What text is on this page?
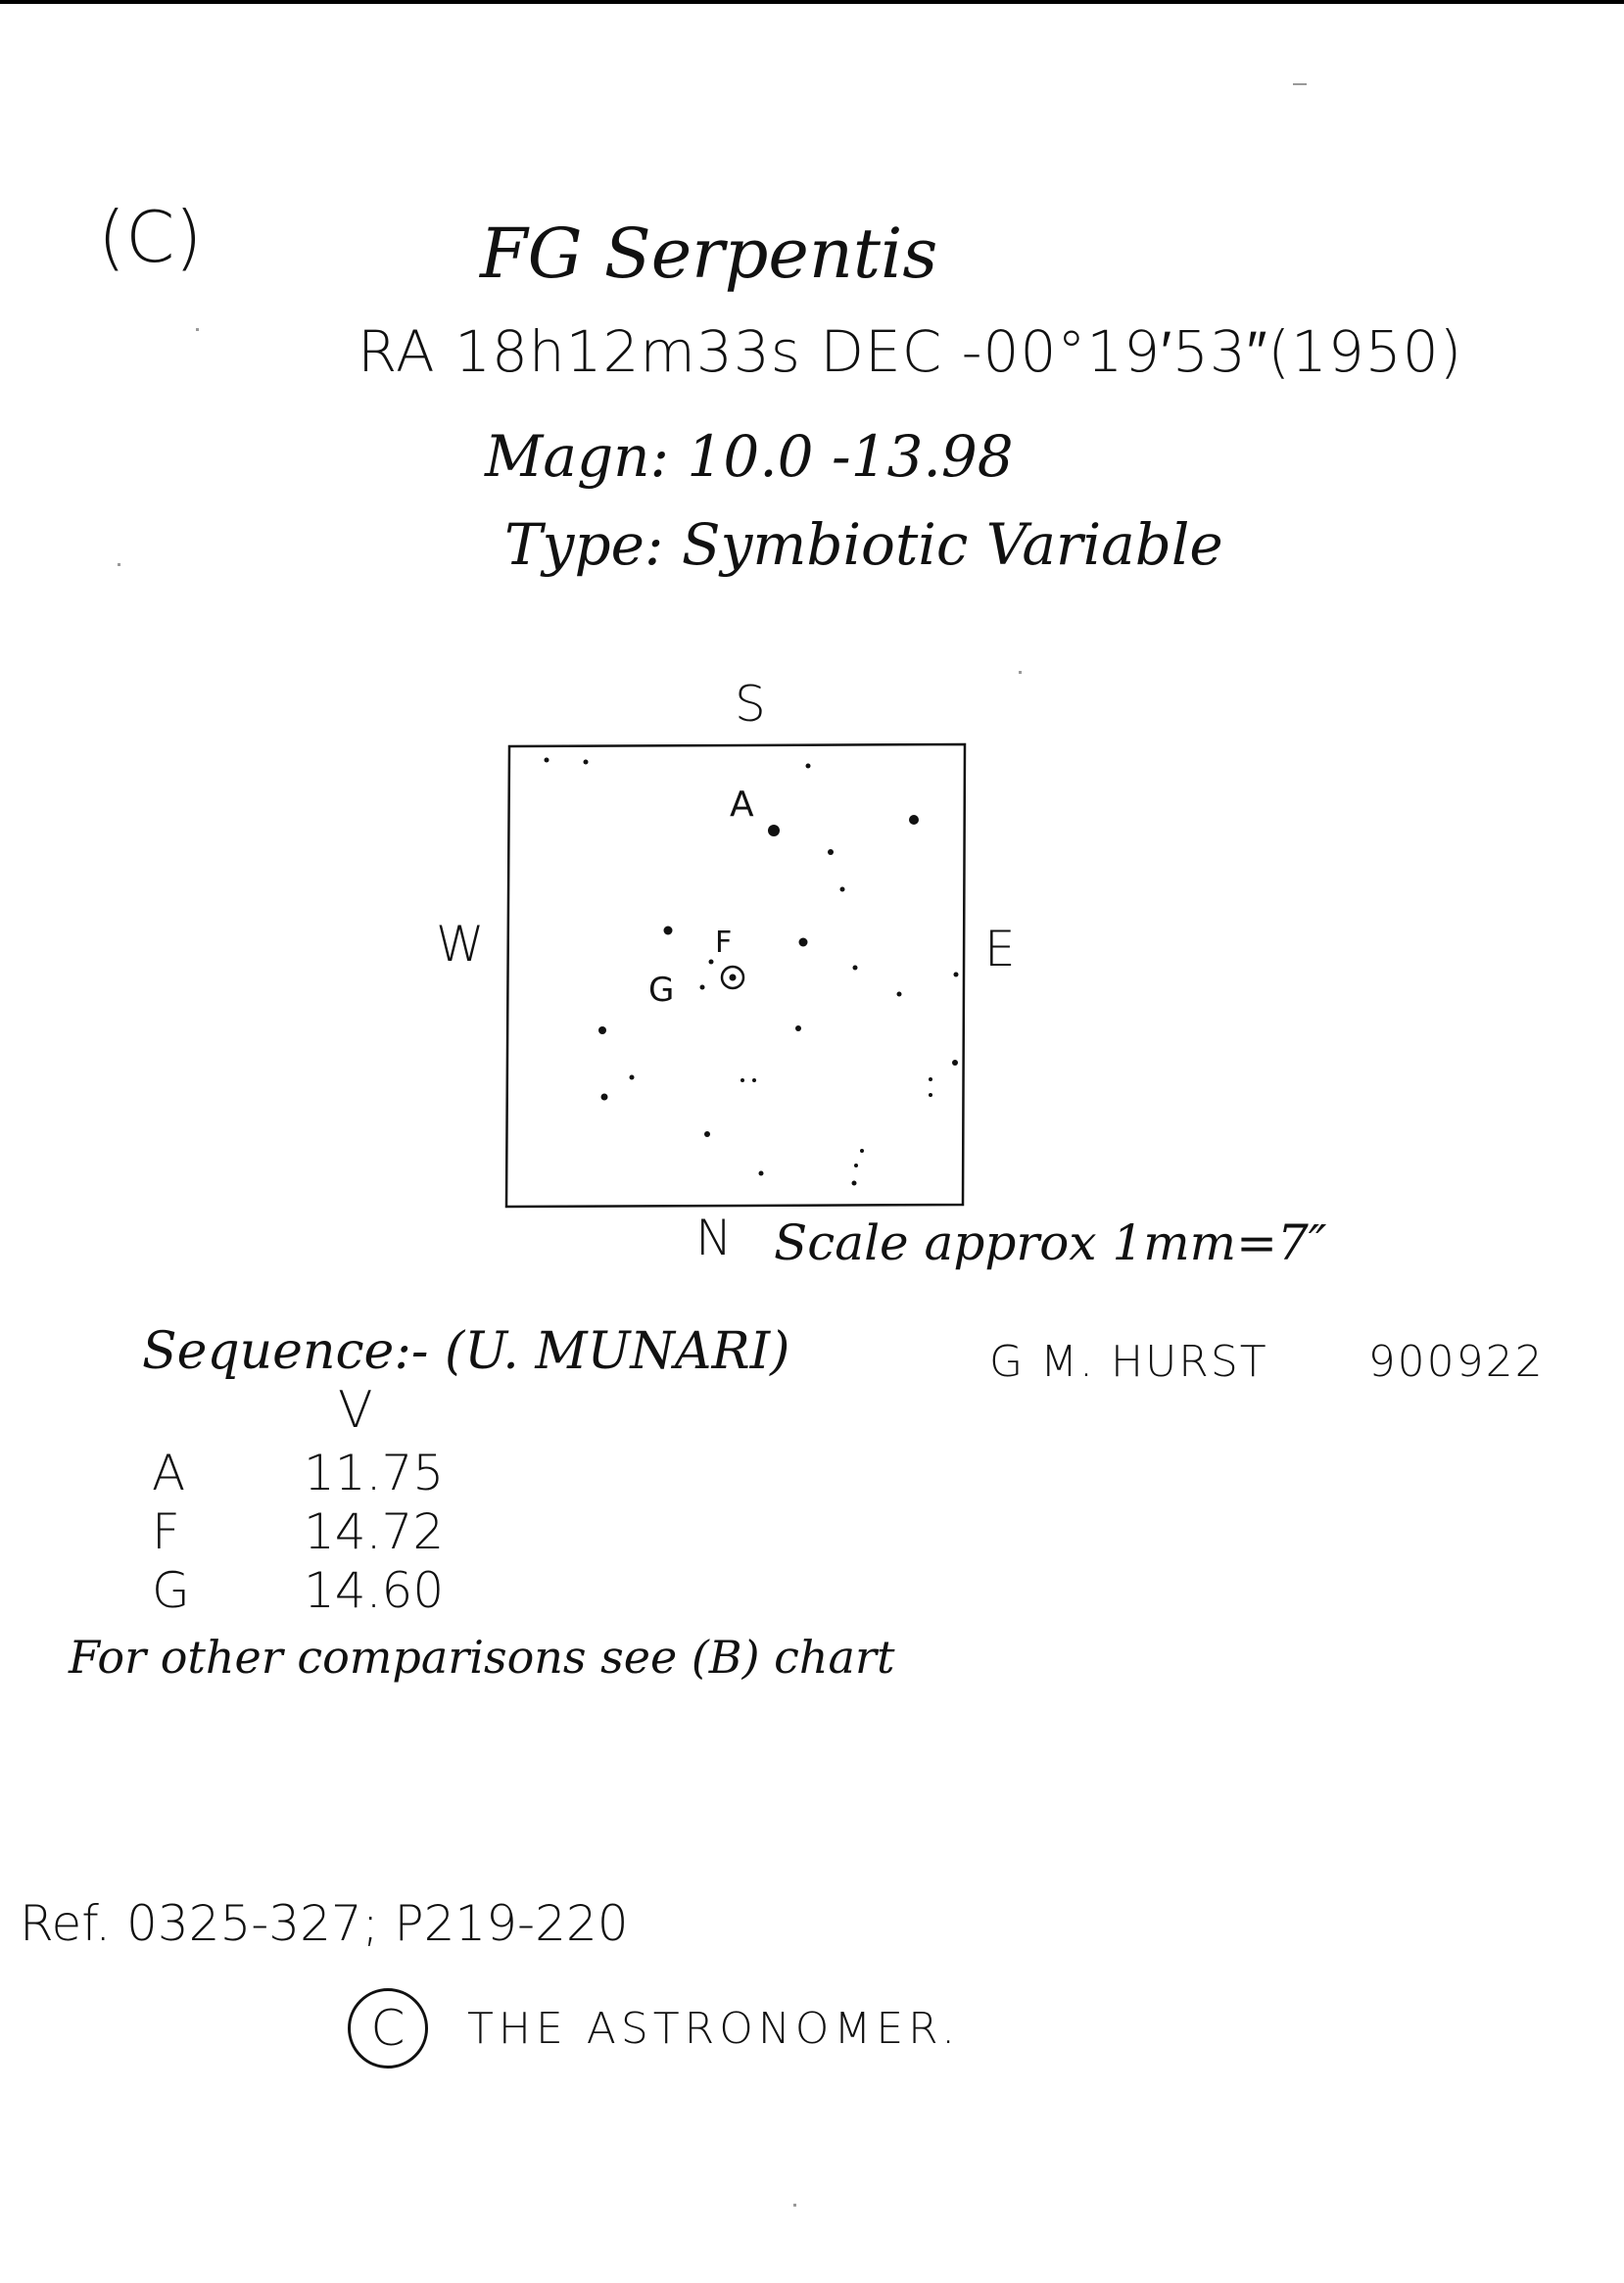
(C)	FG Serpentis
RA 18h12m33s DEC -00°19′53″(1950)
Magn: 10.0 -13.98
Type: Symbiotic Variable
A
F
G
S
W	E
N Scale approx 1mm=7″
Sequence:- (U. MUNARI)	G M. HURST 900922
V
A 11.75
F	14.72
G 14.60
For other comparisons see (B) chart
Ref. 0325-327; P219-220
C	THE ASTRONOMER.
